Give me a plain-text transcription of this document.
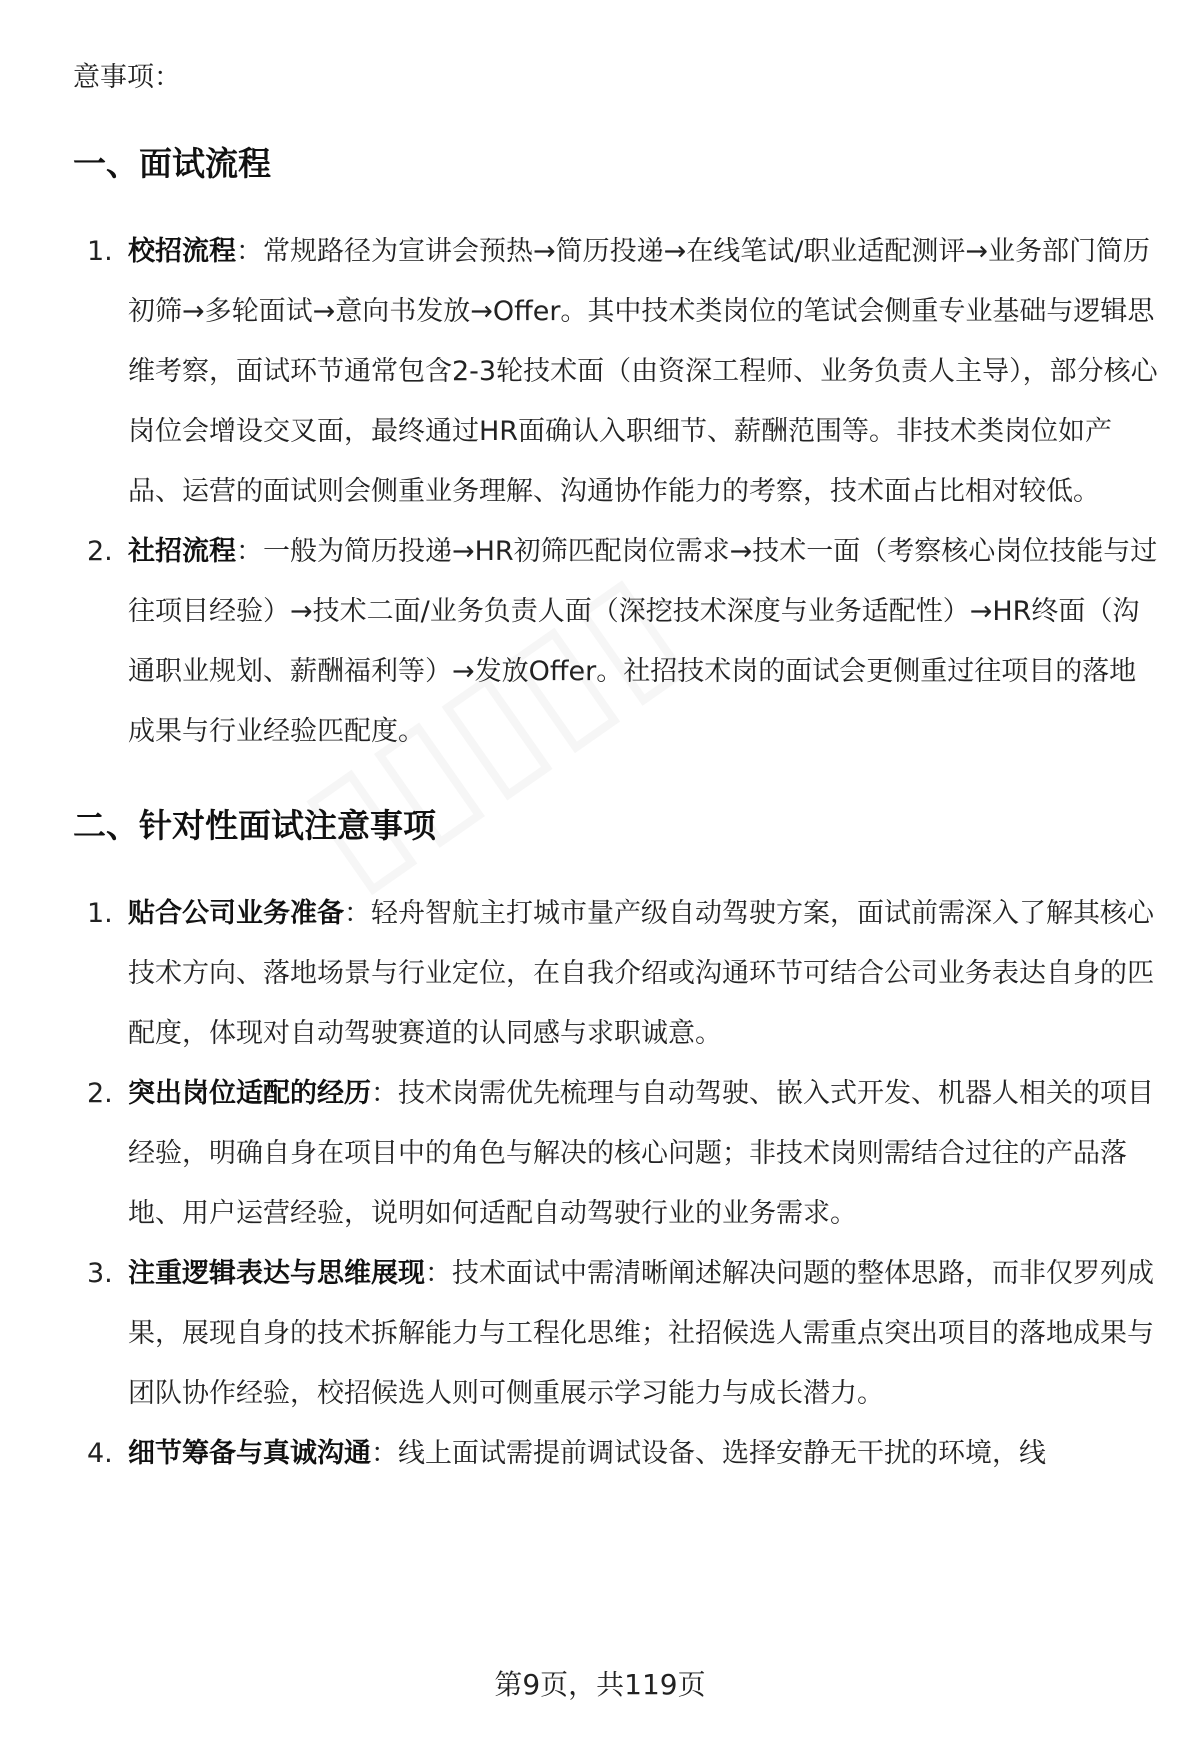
意事项：
一、面试流程
1. 校招流程：常规路径为宣讲会预热→简历投递→在线笔试/职业适配测评→业务部门简历初筛→多轮面试→意向书发放→Offer。其中技术类岗位的笔试会侧重专业基础与逻辑思维考察，面试环节通常包含2-3轮技术面（由资深工程师、业务负责人主导），部分核心岗位会增设交叉面，最终通过HR面确认入职细节、薪酬范围等。非技术类岗位如产品、运营的面试则会侧重业务理解、沟通协作能力的考察，技术面占比相对较低。
2. 社招流程：一般为简历投递→HR初筛匹配岗位需求→技术一面（考察核心岗位技能与过往项目经验）→技术二面/业务负责人面（深挖技术深度与业务适配性）→HR终面（沟通职业规划、薪酬福利等）→发放Offer。社招技术岗的面试会更侧重过往项目的落地成果与行业经验匹配度。
二、针对性面试注意事项
1. 贴合公司业务准备：轻舟智航主打城市量产级自动驾驶方案，面试前需深入了解其核心技术方向、落地场景与行业定位，在自我介绍或沟通环节可结合公司业务表达自身的匹配度，体现对自动驾驶赛道的认同感与求职诚意。
2. 突出岗位适配的经历：技术岗需优先梳理与自动驾驶、嵌入式开发、机器人相关的项目经验，明确自身在项目中的角色与解决的核心问题；非技术岗则需结合过往的产品落地、用户运营经验，说明如何适配自动驾驶行业的业务需求。
3. 注重逻辑表达与思维展现：技术面试中需清晰阐述解决问题的整体思路，而非仅罗列成果，展现自身的技术拆解能力与工程化思维；社招候选人需重点突出项目的落地成果与团队协作经验，校招候选人则可侧重展示学习能力与成长潜力。
4. 细节筹备与真诚沟通：线上面试需提前调试设备、选择安静无干扰的环境，线
第9页，共119页
